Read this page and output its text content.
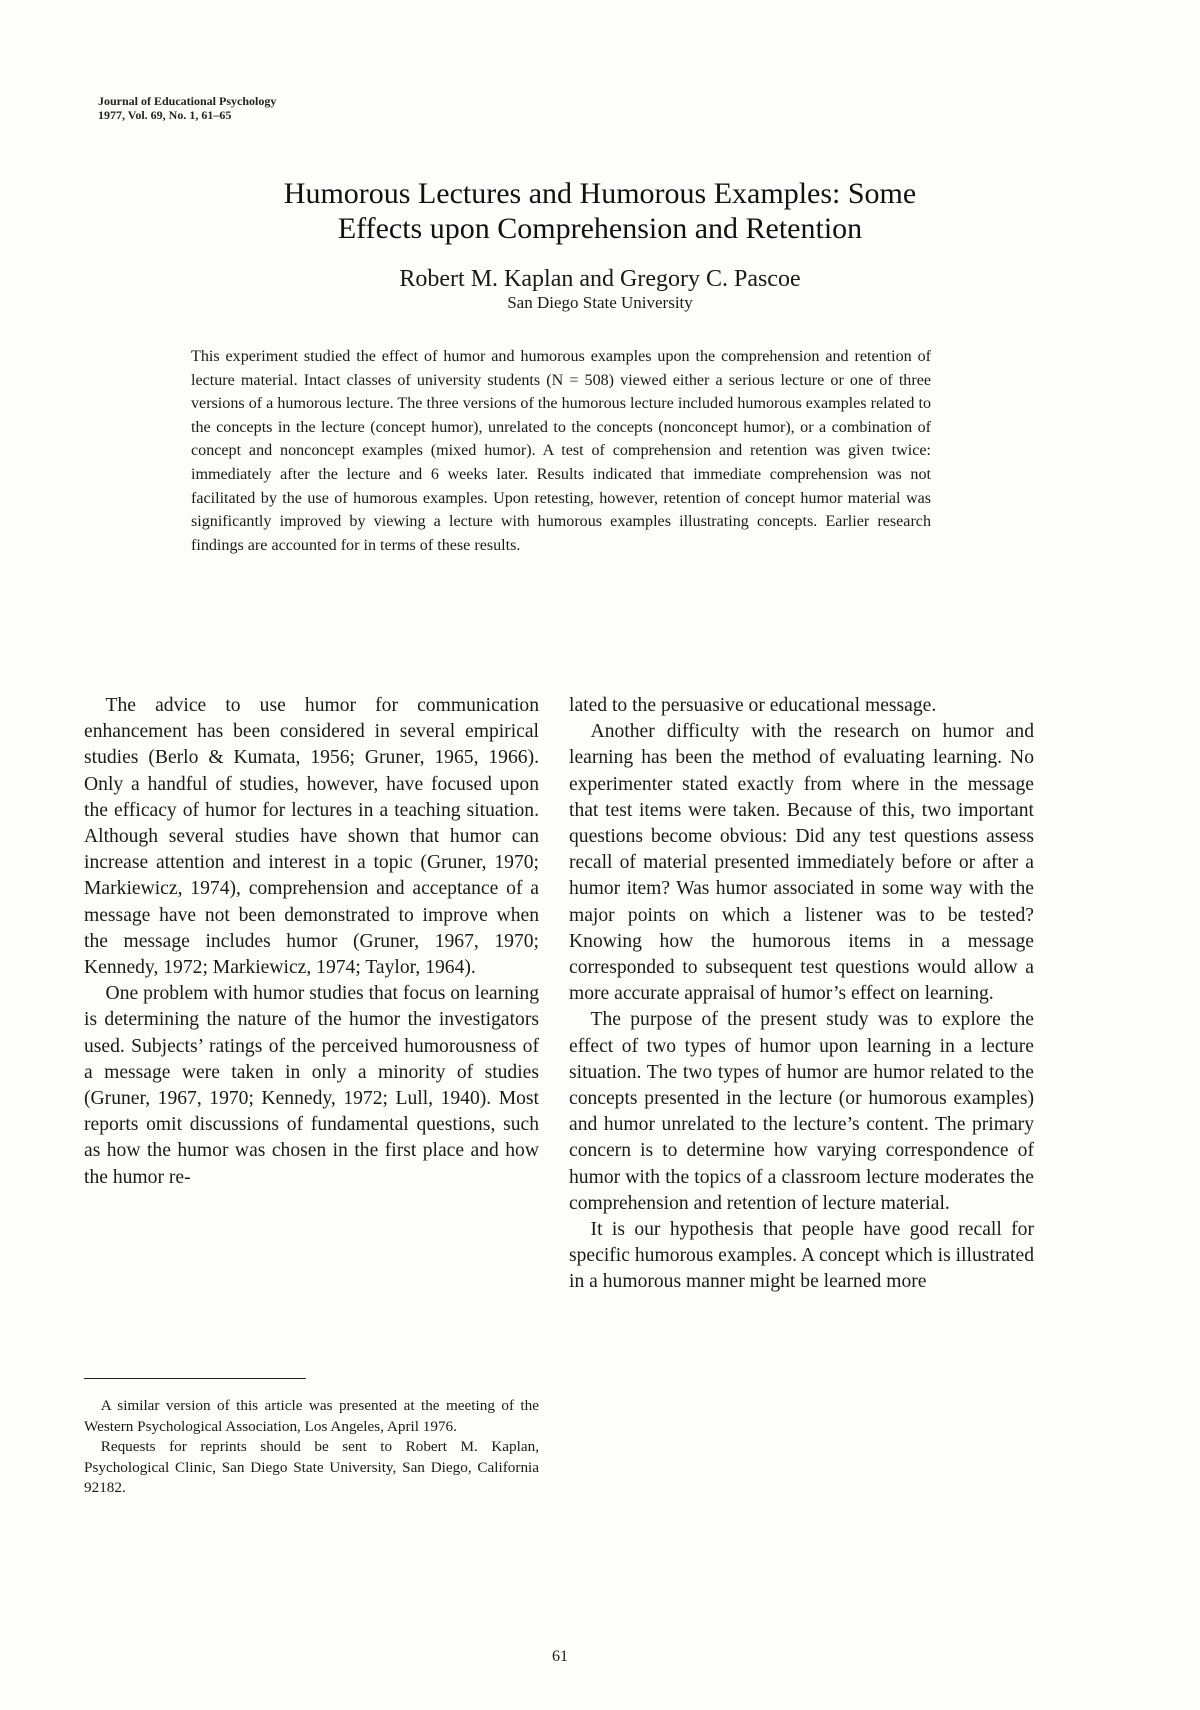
Journal of Educational Psychology
1977, Vol. 69, No. 1, 61–65
Humorous Lectures and Humorous Examples: Some
Effects upon Comprehension and Retention
Robert M. Kaplan and Gregory C. Pascoe
San Diego State University
This experiment studied the effect of humor and humorous examples upon the comprehension and retention of lecture material. Intact classes of university students (N = 508) viewed either a serious lecture or one of three versions of a humorous lecture. The three versions of the humorous lecture included humorous examples related to the concepts in the lecture (concept humor), unrelated to the concepts (nonconcept humor), or a combination of concept and nonconcept examples (mixed humor). A test of comprehension and retention was given twice: immediately after the lecture and 6 weeks later. Results indicated that immediate comprehension was not facilitated by the use of humorous examples. Upon retesting, however, retention of concept humor material was significantly improved by viewing a lecture with humorous examples illustrating concepts. Earlier research findings are accounted for in terms of these results.

The advice to use humor for communication enhancement has been considered in several empirical studies (Berlo & Kumata, 1956; Gruner, 1965, 1966). Only a handful of studies, however, have focused upon the efficacy of humor for lectures in a teaching situation. Although several studies have shown that humor can increase attention and interest in a topic (Gruner, 1970; Markiewicz, 1974), comprehension and acceptance of a message have not been demonstrated to improve when the message includes humor (Gruner, 1967, 1970; Kennedy, 1972; Markiewicz, 1974; Taylor, 1964).

One problem with humor studies that focus on learning is determining the nature of the humor the investigators used. Subjects’ ratings of the perceived humorousness of a message were taken in only a minority of studies (Gruner, 1967, 1970; Kennedy, 1972; Lull, 1940). Most reports omit discussions of fundamental questions, such as how the humor was chosen in the first place and how the humor re-

lated to the persuasive or educational message.

Another difficulty with the research on humor and learning has been the method of evaluating learning. No experimenter stated exactly from where in the message that test items were taken. Because of this, two important questions become obvious: Did any test questions assess recall of material presented immediately before or after a humor item? Was humor associated in some way with the major points on which a listener was to be tested? Knowing how the humorous items in a message corresponded to subsequent test questions would allow a more accurate appraisal of humor’s effect on learning.

The purpose of the present study was to explore the effect of two types of humor upon learning in a lecture situation. The two types of humor are humor related to the concepts presented in the lecture (or humorous examples) and humor unrelated to the lecture’s content. The primary concern is to determine how varying correspondence of humor with the topics of a classroom lecture moderates the comprehension and retention of lecture material.

It is our hypothesis that people have good recall for specific humorous examples. A concept which is illustrated in a humorous manner might be learned more

A similar version of this article was presented at the meeting of the Western Psychological Association, Los Angeles, April 1976.

Requests for reprints should be sent to Robert M. Kaplan, Psychological Clinic, San Diego State University, San Diego, California 92182.

61
